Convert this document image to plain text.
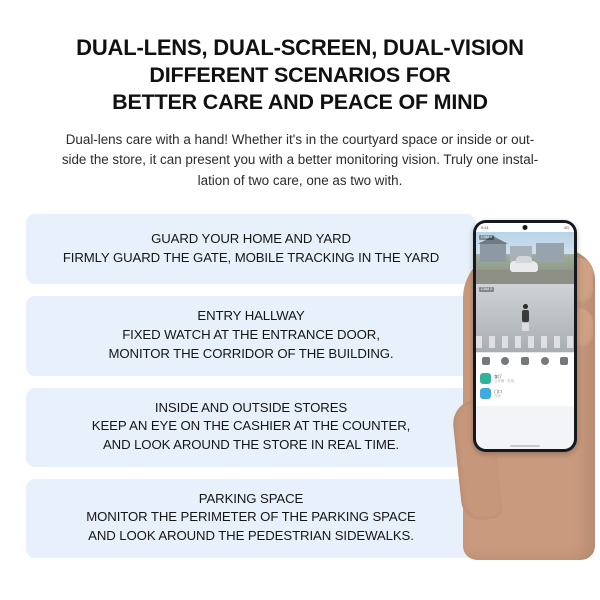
DUAL-LENS, DUAL-SCREEN, DUAL-VISION
DIFFERENT SCENARIOS FOR
BETTER CARE AND PEACE OF MIND
Dual-lens care with a hand! Whether it's in the courtyard space or inside or out-
side the store, it can present you with a better monitoring vision. Truly one instal-
lation of two care, one as two with.
GUARD YOUR HOME AND YARD
FIRMLY GUARD THE GATE, MOBILE TRACKING IN THE YARD
ENTRY HALLWAY
FIXED WATCH AT THE ENTRANCE DOOR,
MONITOR THE CORRIDOR OF THE BUILDING.
INSIDE AND OUTSIDE STORES
KEEP AN EYE ON THE CASHIER AT THE COUNTER,
AND LOOK AROUND THE STORE IN REAL TIME.
PARKING SPACE
MONITOR THE PERIMETER OF THE PARKING SPACE
AND LOOK AROUND THE PEDESTRIAN SIDEWALKS.
9:41	4G
CAM 1
CAM 2
客厅
云存储 · 在线
门口
在线
